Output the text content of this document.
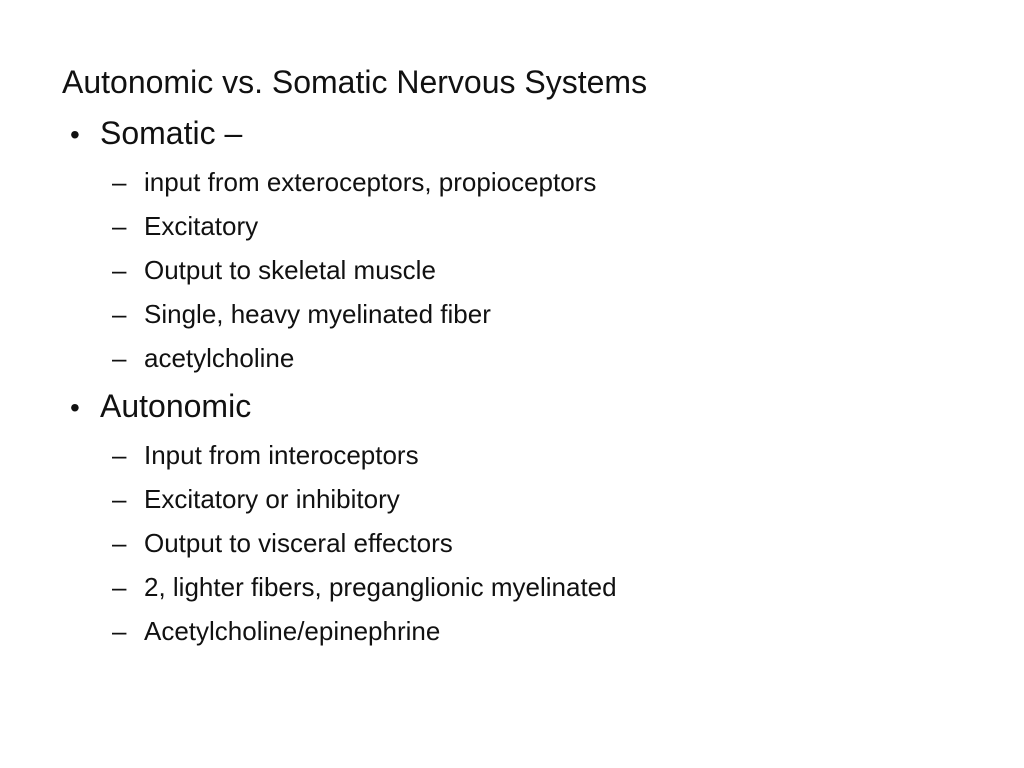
Autonomic vs. Somatic Nervous Systems
• Somatic –
– input from exteroceptors, propioceptors
– Excitatory
– Output to skeletal muscle
– Single, heavy myelinated fiber
– acetylcholine
• Autonomic
– Input from interoceptors
– Excitatory or inhibitory
– Output to visceral effectors
– 2, lighter fibers, preganglionic myelinated
– Acetylcholine/epinephrine
